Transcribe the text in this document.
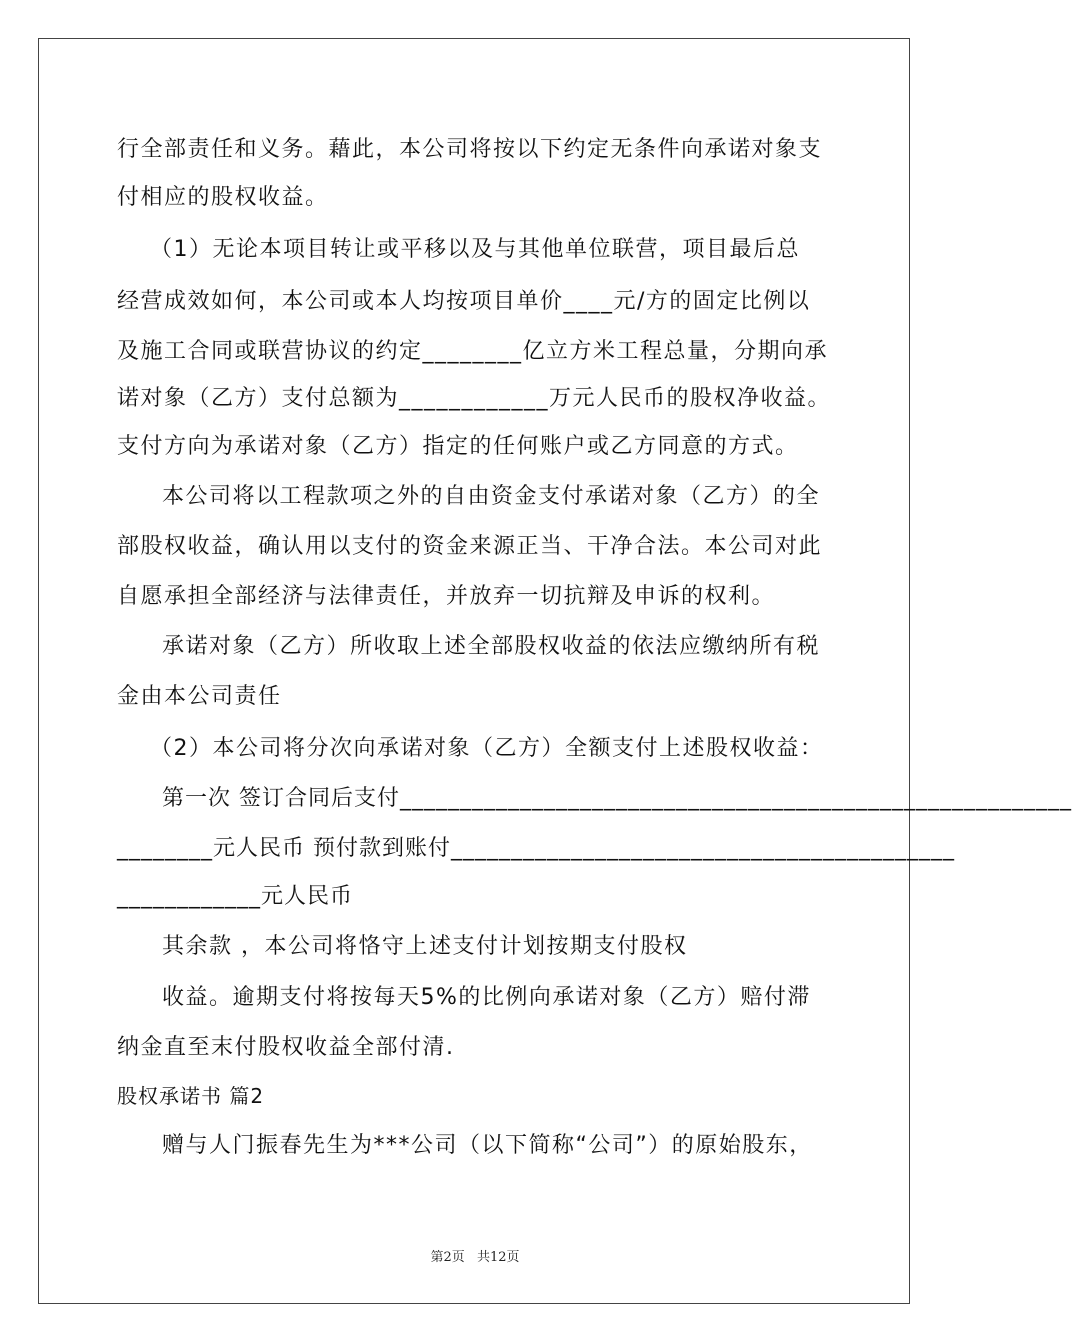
行全部责任和义务。藉此，本公司将按以下约定无条件向承诺对象支
付相应的股权收益。
（1）无论本项目转让或平移以及与其他单位联营，项目最后总
经营成效如何，本公司或本人均按项目单价____元/方的固定比例以
及施工合同或联营协议的约定________亿立方米工程总量，分期向承
诺对象（乙方）支付总额为____________万元人民币的股权净收益。
支付方向为承诺对象（乙方）指定的任何账户或乙方同意的方式。
本公司将以工程款项之外的自由资金支付承诺对象（乙方）的全
部股权收益，确认用以支付的资金来源正当、干净合法。本公司对此
自愿承担全部经济与法律责任，并放弃一切抗辩及申诉的权利。
承诺对象（乙方）所收取上述全部股权收益的依法应缴纳所有税
金由本公司责任
（2）本公司将分次向承诺对象（乙方）全额支付上述股权收益：
第一次 签订合同后支付________________________________________________________
________元人民币 预付款到账付__________________________________________
____________元人民币
其余款 ，本公司将恪守上述支付计划按期支付股权
收益。逾期支付将按每天5%的比例向承诺对象（乙方）赔付滞
纳金直至末付股权收益全部付清.
股权承诺书 篇2
赠与人门振春先生为***公司（以下简称“公司”）的原始股东，
第2页 共12页
